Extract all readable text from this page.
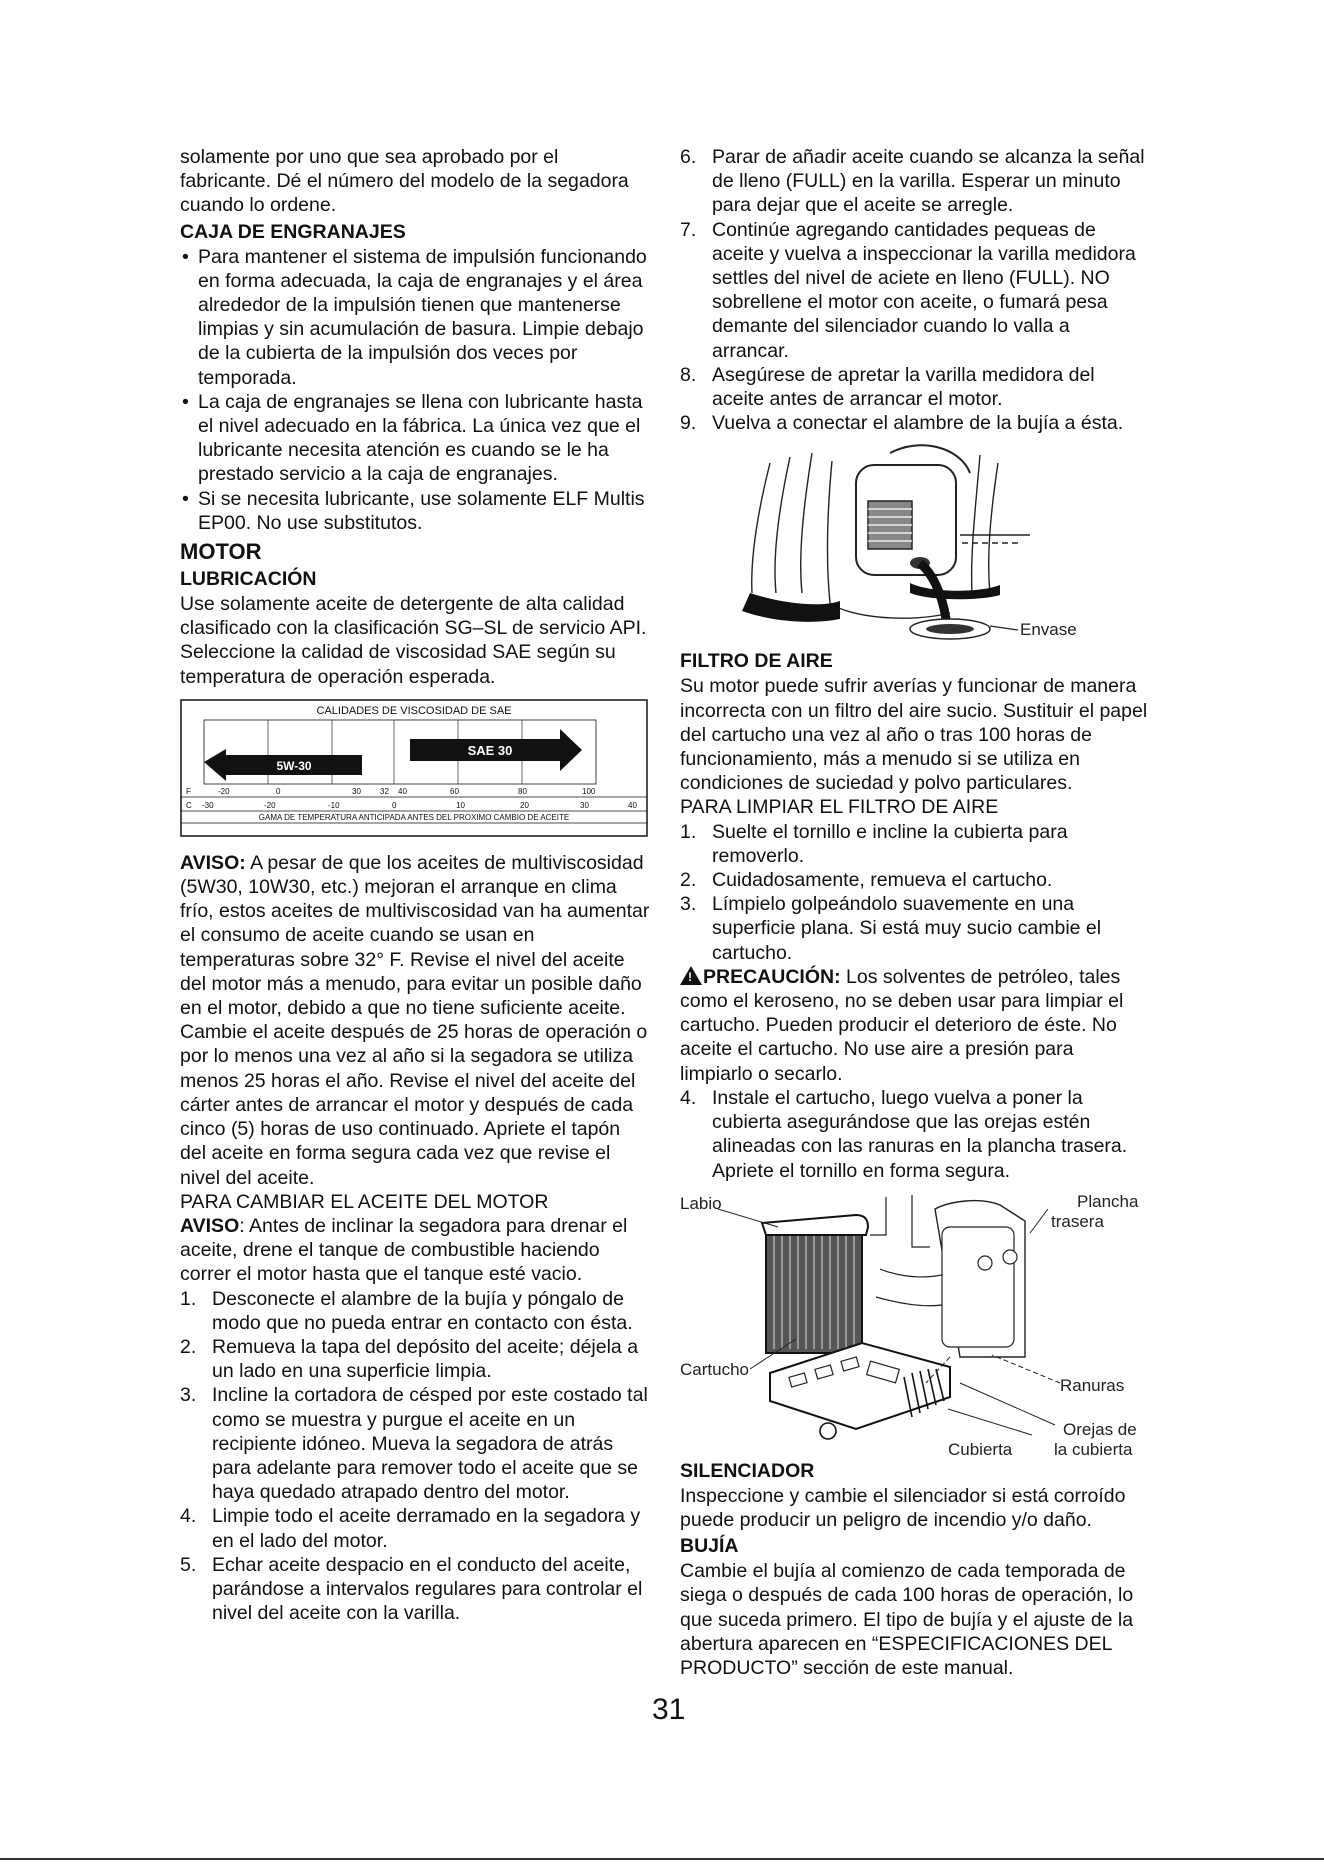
solamente por uno que sea aprobado por el fabricante. Dé el número del modelo de la segadora cuando lo ordene.

CAJA DE ENGRANAJES

• Para mantener el sistema de impulsión funcionando en forma adecuada, la caja de engranajes y el área alrededor de la impulsión tienen que mantenerse limpias y sin acumulación de basura. Limpie debajo de la cubierta de la impulsión dos veces por temporada.
• La caja de engranajes se llena con lubricante hasta el nivel adecuado en la fábrica. La única vez que el lubricante necesita atención es cuando se le ha prestado servicio a la caja de engranajes.
• Si se necesita lubricante, use solamente ELF Multis EP00. No use substitutos.

MOTOR

LUBRICACIÓN

Use solamente aceite de detergente de alta calidad clasificado con la clasificación SG–SL de servicio API. Seleccione la calidad de viscosidad SAE según su temperatura de operación esperada.

CALIDADES DE VISCOSIDAD DE SAE
SAE 30
5W-30
F	-20	0	30 32 40	60	80	100
C -30	-20	-10	0	10	20	30	40
GAMA DE TEMPERATURA ANTICIPADA ANTES DEL PROXIMO CAMBIO DE ACEITE

AVISO: A pesar de que los aceites de multiviscosidad (5W30, 10W30, etc.) mejoran el arranque en clima frío, estos aceites de multiviscosidad van ha aumentar el consumo de aceite cuando se usan en temperaturas sobre 32° F. Revise el nivel del aceite del motor más a menudo, para evitar un posible daño en el motor, debido a que no tiene suficiente aceite. Cambie el aceite después de 25 horas de operación o por lo menos una vez al año si la segadora se utiliza menos 25 horas el año. Revise el nivel del aceite del cárter antes de arrancar el motor y después de cada cinco (5) horas de uso continuado. Apriete el tapón del aceite en forma segura cada vez que revise el nivel del aceite.

PARA CAMBIAR EL ACEITE DEL MOTOR

AVISO: Antes de inclinar la segadora para drenar el aceite, drene el tanque de combustible haciendo correr el motor hasta que el tanque esté vacio.

1. Desconecte el alambre de la bujía y póngalo de modo que no pueda entrar en contacto con ésta.
2. Remueva la tapa del depósito del aceite; déjela a un lado en una superficie limpia.
3. Incline la cortadora de césped por este costado tal como se muestra y purgue el aceite en un recipiente idóneo. Mueva la segadora de atrás para adelante para remover todo el aceite que se haya quedado atrapado dentro del motor.
4. Limpie todo el aceite derramado en la segadora y en el lado del motor.
5. Echar aceite despacio en el conducto del aceite, parándose a intervalos regulares para controlar el nivel del aceite con la varilla.
6. Parar de añadir aceite cuando se alcanza la señal de lleno (FULL) en la varilla. Esperar un minuto para dejar que el aceite se arregle.
7. Continúe agregando cantidades pequeas de aceite y vuelva a inspeccionar la varilla medidora settles del nivel de aciete en lleno (FULL). NO sobrellene el motor con aceite, o fumará pesa demante del silenciador cuando lo valla a arrancar.
8. Asegúrese de apretar la varilla medidora del aceite antes de arrancar el motor.
9. Vuelva a conectar el alambre de la bujía a ésta.
Envase

FILTRO DE AIRE

Su motor puede sufrir averías y funcionar de manera incorrecta con un filtro del aire sucio. Sustituir el papel del cartucho una vez al año o tras 100 horas de funcionamiento, más a menudo si se utiliza en condiciones de suciedad y polvo particulares.

PARA LIMPIAR EL FILTRO DE AIRE

1. Suelte el tornillo e incline la cubierta para removerlo.
2. Cuidadosamente, remueva el cartucho.
3. Límpielo golpeándolo suavemente en una superficie plana. Si está muy sucio cambie el cartucho.

!PRECAUCIÓN: Los solventes de petróleo, tales como el keroseno, no se deben usar para limpiar el cartucho. Pueden producir el deterioro de éste. No aceite el cartucho. No use aire a presión para limpiarlo o secarlo.

4. Instale el cartucho, luego vuelva a poner la cubierta asegurándose que las orejas estén alineadas con las ranuras en la plancha trasera. Apriete el tornillo en forma segura.
Labio	Plancha
trasera
Cartucho
Ranuras
Orejas de
la cubierta
Cubierta

SILENCIADOR

Inspeccione y cambie el silenciador si está corroído puede producir un peligro de incendio y/o daño.

BUJÍA

Cambie el bujía al comienzo de cada temporada de siega o después de cada 100 horas de operación, lo que suceda primero. El tipo de bujía y el ajuste de la abertura aparecen en “ESPECIFICACIONES DEL PRODUCTO” sección de este manual.

31
